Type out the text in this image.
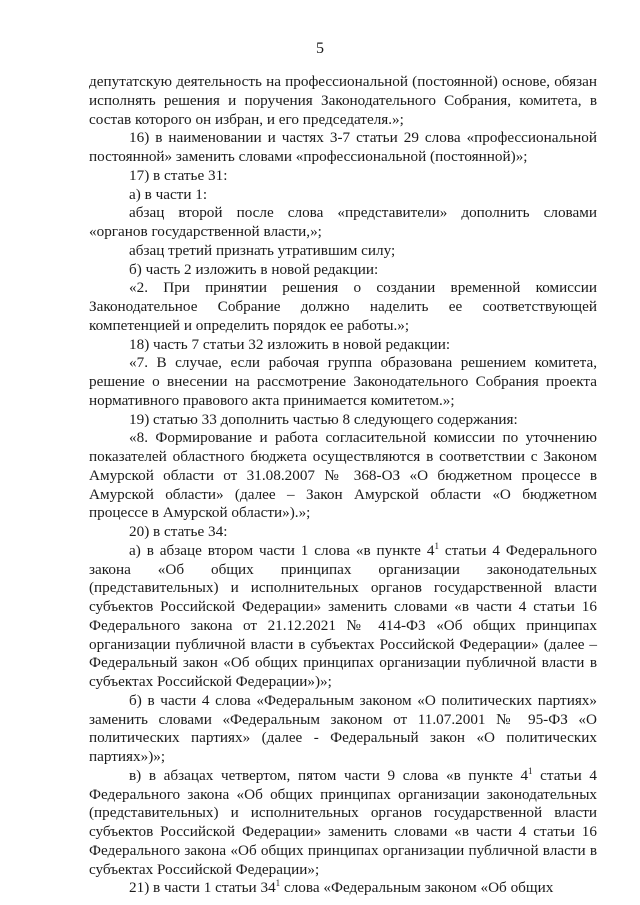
5

депутатскую деятельность на профессиональной (постоянной) основе, обязан исполнять решения и поручения Законодательного Собрания, комитета, в состав которого он избран, и его председателя.»;

16) в наименовании и частях 3-7 статьи 29 слова «профессиональной постоянной» заменить словами «профессиональной (постоянной)»;

17) в статье 31:

а) в части 1:

абзац второй после слова «представители» дополнить словами «органов государственной власти,»;

абзац третий признать утратившим силу;

б) часть 2 изложить в новой редакции:

«2. При принятии решения о создании временной комиссии Законодательное Собрание должно наделить ее соответствующей компетенцией и определить порядок ее работы.»;

18) часть 7 статьи 32 изложить в новой редакции:

«7. В случае, если рабочая группа образована решением комитета, решение о внесении на рассмотрение Законодательного Собрания проекта нормативного правового акта принимается комитетом.»;

19) статью 33 дополнить частью 8 следующего содержания:

«8. Формирование и работа согласительной комиссии по уточнению показателей областного бюджета осуществляются в соответствии с Законом Амурской области от 31.08.2007 № 368-ОЗ «О бюджетном процессе в Амурской области» (далее – Закон Амурской области «О бюджетном процессе в Амурской области»).»;

20) в статье 34:

а) в абзаце втором части 1 слова «в пункте $4^1$ статьи 4 Федерального закона «Об общих принципах организации законодательных (представительных) и исполнительных органов государственной власти субъектов Российской Федерации» заменить словами «в части 4 статьи 16 Федерального закона от 21.12.2021 № 414-ФЗ «Об общих принципах организации публичной власти в субъектах Российской Федерации» (далее – Федеральный закон «Об общих принципах организации публичной власти в субъектах Российской Федерации»)»;

б) в части 4 слова «Федеральным законом «О политических партиях» заменить словами «Федеральным законом от 11.07.2001 № 95-ФЗ «О политических партиях» (далее - Федеральный закон «О политических партиях»)»;

в) в абзацах четвертом, пятом части 9 слова «в пункте $4^1$ статьи 4 Федерального закона «Об общих принципах организации законодательных (представительных) и исполнительных органов государственной власти субъектов Российской Федерации» заменить словами «в части 4 статьи 16 Федерального закона «Об общих принципах организации публичной власти в субъектах Российской Федерации»;

21) в части 1 статьи $34^1$ слова «Федеральным законом «Об общих
